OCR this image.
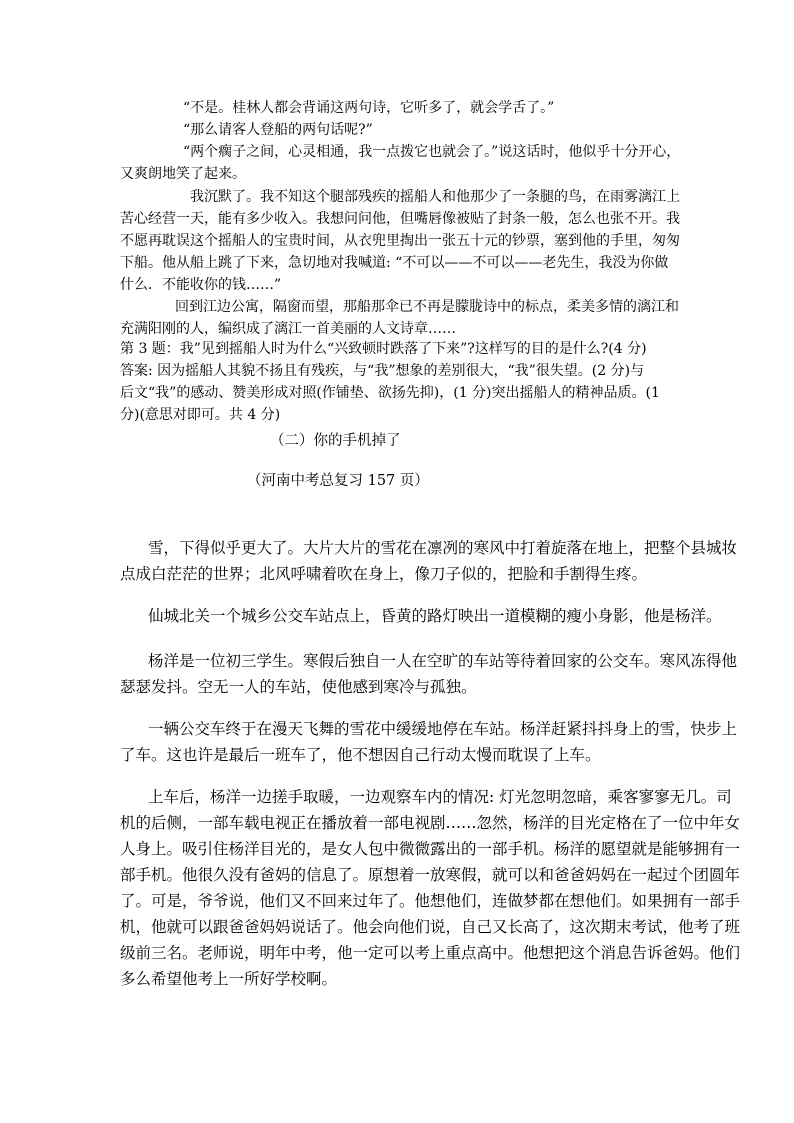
“不是。桂林人都会背诵这两句诗，它听多了，就会学舌了。”
“那么请客人登船的两句话呢?”
“两个瘸子之间，心灵相通，我一点拨它也就会了。”说这话时，他似乎十分开心，
又爽朗地笑了起来。
我沉默了。我不知这个腿部残疾的摇船人和他那少了一条腿的鸟，在雨雾漓江上
苦心经营一天，能有多少收入。我想问问他，但嘴唇像被贴了封条一般，怎么也张不开。我
不愿再耽误这个摇船人的宝贵时间，从衣兜里掏出一张五十元的钞票，塞到他的手里，匆匆
下船。他从船上跳了下来，急切地对我喊道: “不可以——不可以——老先生，我没为你做
什么．不能收你的钱……”
回到江边公寓，隔窗而望，那船那伞已不再是朦胧诗中的标点，柔美多情的漓江和
充满阳刚的人，编织成了漓江一首美丽的人文诗章……
第 3 题：我”见到摇船人时为什么“兴致顿时跌落了下来”?这样写的目的是什么?(4 分)
答案: 因为摇船人其貌不扬且有残疾，与“我”想象的差别很大，“我”很失望。(2 分)与
后文“我”的感动、赞美形成对照(作铺垫、欲扬先抑)，(1 分)突出摇船人的精神品质。(1
分)(意思对即可。共 4 分)
（二）你的手机掉了
（河南中考总复习 157 页）
雪，下得似乎更大了。大片大片的雪花在凛冽的寒风中打着旋落在地上，把整个县城妆
点成白茫茫的世界；北风呼啸着吹在身上，像刀子似的，把脸和手割得生疼。
仙城北关一个城乡公交车站点上，昏黄的路灯映出一道模糊的瘦小身影，他是杨洋。
杨洋是一位初三学生。寒假后独自一人在空旷的车站等待着回家的公交车。寒风冻得他
瑟瑟发抖。空无一人的车站，使他感到寒冷与孤独。
一辆公交车终于在漫天飞舞的雪花中缓缓地停在车站。杨洋赶紧抖抖身上的雪，快步上
了车。这也许是最后一班车了，他不想因自己行动太慢而耽误了上车。
上车后，杨洋一边搓手取暖，一边观察车内的情况: 灯光忽明忽暗，乘客寥寥无几。司
机的后侧，一部车载电视正在播放着一部电视剧……忽然，杨洋的目光定格在了一位中年女
人身上。吸引住杨洋目光的，是女人包中微微露出的一部手机。杨洋的愿望就是能够拥有一
部手机。他很久没有爸妈的信息了。原想着一放寒假，就可以和爸爸妈妈在一起过个团圆年
了。可是，爷爷说，他们又不回来过年了。他想他们，连做梦都在想他们。如果拥有一部手
机，他就可以跟爸爸妈妈说话了。他会向他们说，自己又长高了，这次期末考试，他考了班
级前三名。老师说，明年中考，他一定可以考上重点高中。他想把这个消息告诉爸妈。他们
多么希望他考上一所好学校啊。
